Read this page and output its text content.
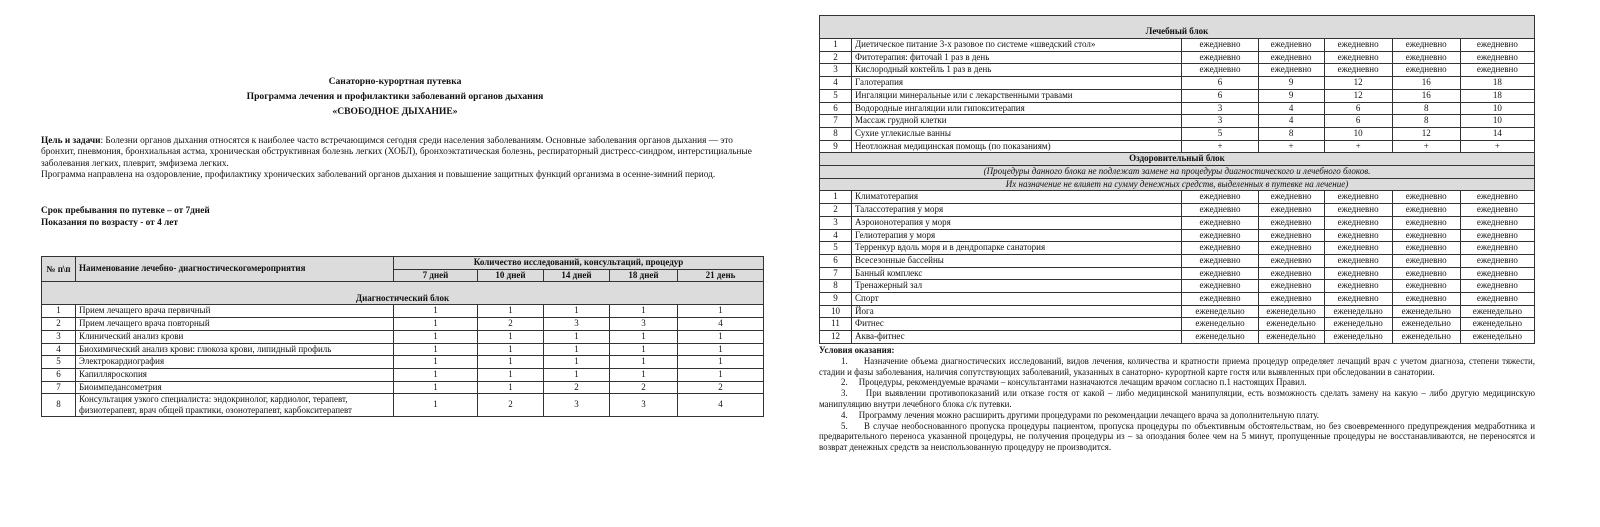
Санаторно-курортная путевка
Программа лечения и профилактики заболеваний органов дыхания
«СВОБОДНОЕ ДЫХАНИЕ»
Цель и задачи: Болезни органов дыхания относятся к наиболее часто встречающимся сегодня среди населения заболеваниям. Основные заболевания органов дыхания — это бронхит, пневмония, бронхиальная астма, хроническая обструктивная болезнь легких (ХОБЛ), бронхоэктатическая болезнь, респираторный дистресс-синдром, интерстициальные заболевания легких, плеврит, эмфизема легких.
Программа направлена на оздоровление, профилактику хронических заболеваний органов дыхания и повышение защитных функций организма в осенне-зимний период.
Срок пребывания по путевке – от 7дней
Показания по возрасту - от 4 лет
№ п\п	Наименование лечебно- диагностическогомероприятия	Количество исследований, консультаций, процедур				
		7 дней	10 дней	14 дней	18 дней	21 день
Диагностический блок						
1	Прием лечащего врача первичный	1	1	1	1	1
2	Прием лечащего врача повторный	1	2	3	3	4
3	Клинический анализ крови	1	1	1	1	1
4	Биохимический анализ крови: глюкоза крови, липидный профиль	1	1	1	1	1
5	Электрокардиография	1	1	1	1	1
6	Капилляроскопия	1	1	1	1	1
7	Биоимпедансометрия	1	1	2	2	2
8	Консультация узкого специалиста: эндокринолог, кардиолог, терапевт, физиотерапевт, врач общей практики, озонотерапевт, карбокситерапевт	1	2	3	3	4
Лечебный блок						
1	Диетическое питание 3-х разовое по системе «шведский стол»	ежедневно	ежедневно	ежедневно	ежедневно	ежедневно
2	Фитотерапия: фиточай 1 раз в день	ежедневно	ежедневно	ежедневно	ежедневно	ежедневно
3	Кислородный коктейль 1 раз в день	ежедневно	ежедневно	ежедневно	ежедневно	ежедневно
4	Галотерапия	6	9	12	16	18
5	Ингаляции минеральные или с лекарственными травами	6	9	12	16	18
6	Водородные ингаляции или гипокситерапия	3	4	6	8	10
7	Массаж грудной клетки	3	4	6	8	10
8	Сухие углекислые ванны	5	8	10	12	14
9	Неотложная медицинская помощь (по показаниям)	+	+	+	+	+
Оздоровительный блок						
(Процедуры данного блока не подлежат замене на процедуры диагностического и лечебного блоков.						
Их назначение не влияет на сумму денежных средств, выделенных в путевке на лечение)						
1	Климатотерапия	ежедневно	ежедневно	ежедневно	ежедневно	ежедневно
2	Талассотерапия у моря	ежедневно	ежедневно	ежедневно	ежедневно	ежедневно
3	Аэроионотерапия у моря	ежедневно	ежедневно	ежедневно	ежедневно	ежедневно
4	Гелиотерапия у моря	ежедневно	ежедневно	ежедневно	ежедневно	ежедневно
5	Терренкур вдоль моря и в дендропарке санатория	ежедневно	ежедневно	ежедневно	ежедневно	ежедневно
6	Всесезонные бассейны	ежедневно	ежедневно	ежедневно	ежедневно	ежедневно
7	Банный комплекс	ежедневно	ежедневно	ежедневно	ежедневно	ежедневно
8	Тренажерный зал	ежедневно	ежедневно	ежедневно	ежедневно	ежедневно
9	Спорт	ежедневно	ежедневно	ежедневно	ежедневно	ежедневно
10	Йога	еженедельно	еженедельно	еженедельно	еженедельно	еженедельно
11	Фитнес	еженедельно	еженедельно	еженедельно	еженедельно	еженедельно
12	Аква-фитнес	еженедельно	еженедельно	еженедельно	еженедельно	еженедельно
Условия оказания:
1.     Назначение объема диагностических исследований, видов лечения, количества и кратности приема процедур определяет лечащий врач с учетом диагноза, степени тяжести, стадии и фазы заболевания, наличия сопутствующих заболеваний, указанных в санаторно- курортной карте гостя или выявленных при обследовании в санатории.
2.     Процедуры, рекомендуемые врачами – консультантами назначаются лечащим врачом согласно п.1 настоящих Правил.
3.     При выявлении противопоказаний или отказе гостя от какой – либо медицинской манипуляции, есть возможность сделать замену на какую – либо другую медицинскую манипуляцию внутри лечебного блока с/к путевки.
4.     Программу лечения можно расширить другими процедурами по рекомендации лечащего врача за дополнительную плату.
5.     В случае необоснованного пропуска процедуры пациентом, пропуска процедуры по объективным обстоятельствам, но без своевременного предупреждения медработника и предварительного переноса указанной процедуры, не получения процедуры из – за опоздания более чем на 5 минут, пропущенные процедуры не восстанавливаются, не переносятся и возврат денежных средств за неиспользованную процедуру не производится.
